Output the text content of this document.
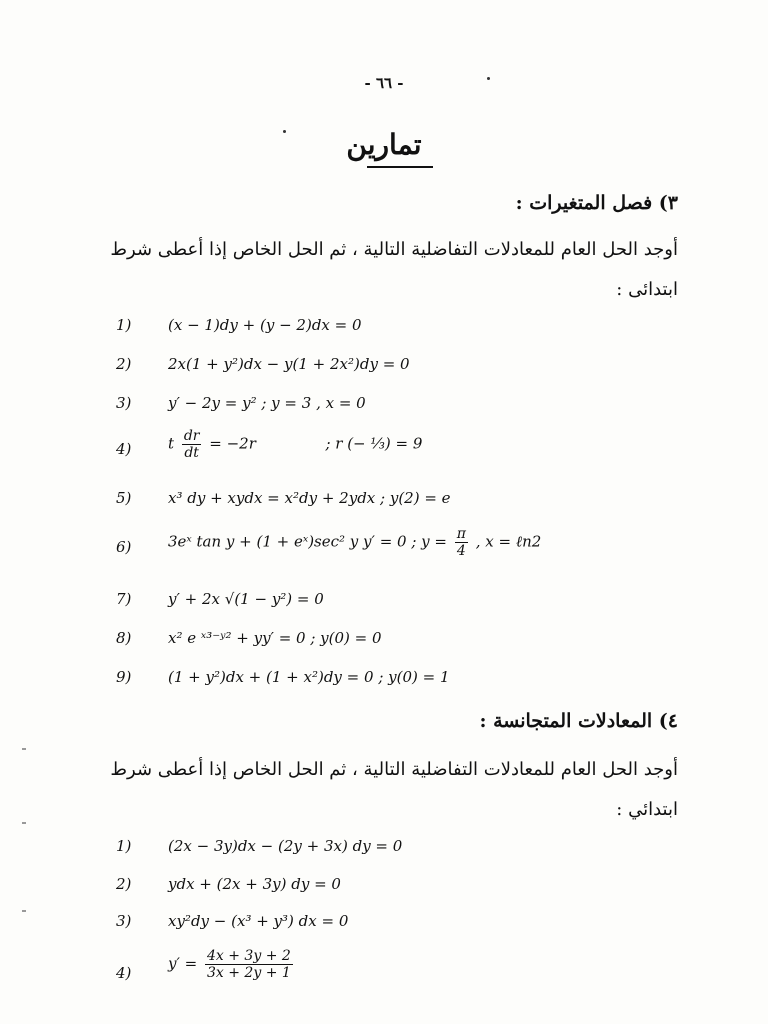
- ٦٦ -
تمارين
٣) فصل المتغيرات :
أوجد الحل العام للمعادلات التفاضلية التالية ، ثم الحل الخاص إذا أعطى شرط
ابتدائى :
1) (x − 1)dy + (y − 2)dx = 0
2) 2x(1 + y²)dx − y(1 + 2x²)dy = 0
3) y′ − 2y = y² ; y = 3 , x = 0
4) t $\frac{dr}{dt} = -2r$	; r (− ⅓) = 9
5) x³ dy + xydx = x²dy + 2ydx ; y(2) = e
6) 3eˣ tan y + (1 + eˣ)sec² y y′ = 0 ; $y = \frac{\pi}{4}$ , x = ℓn2
7) y′ + 2x √(1 − y²) = 0
8) x² e ˣ³⁻ʸ² + yy′ = 0 ; y(0) = 0
9) (1 + y²)dx + (1 + x²)dy = 0 ; y(0) = 1
٤) المعادلات المتجانسة :
أوجد الحل العام للمعادلات التفاضلية التالية ، ثم الحل الخاص إذا أعطى شرط
ابتدائي :
1) (2x − 3y)dx − (2y + 3x) dy = 0
2) ydx + (2x + 3y) dy = 0
3) xy²dy − (x³ + y³) dx = 0
4)
$y' = \frac{4x + 3y + 2}{3x + 2y + 1}$
